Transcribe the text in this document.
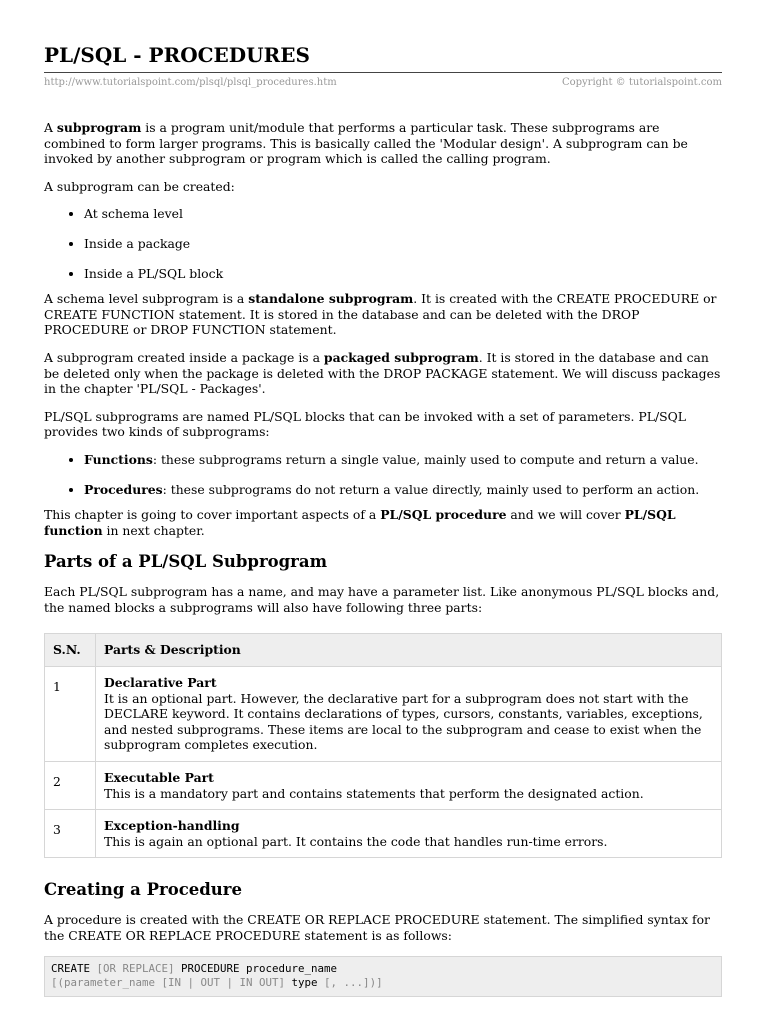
PL/SQL - PROCEDURES
http://www.tutorialspoint.com/plsql/plsql_procedures.htm	Copyright © tutorialspoint.com

A subprogram is a program unit/module that performs a particular task. These subprograms are combined to form larger programs. This is basically called the 'Modular design'. A subprogram can be invoked by another subprogram or program which is called the calling program.

A subprogram can be created:

• At schema level
• Inside a package
• Inside a PL/SQL block

A schema level subprogram is a standalone subprogram. It is created with the CREATE PROCEDURE or CREATE FUNCTION statement. It is stored in the database and can be deleted with the DROP PROCEDURE or DROP FUNCTION statement.

A subprogram created inside a package is a packaged subprogram. It is stored in the database and can be deleted only when the package is deleted with the DROP PACKAGE statement. We will discuss packages in the chapter 'PL/SQL - Packages'.

PL/SQL subprograms are named PL/SQL blocks that can be invoked with a set of parameters. PL/SQL provides two kinds of subprograms:

• Functions: these subprograms return a single value, mainly used to compute and return a value.
• Procedures: these subprograms do not return a value directly, mainly used to perform an action.

This chapter is going to cover important aspects of a PL/SQL procedure and we will cover PL/SQL function in next chapter.

Parts of a PL/SQL Subprogram

Each PL/SQL subprogram has a name, and may have a parameter list. Like anonymous PL/SQL blocks and, the named blocks a subprograms will also have following three parts:

S.N.	Parts & Description
1	Declarative Part
It is an optional part. However, the declarative part for a subprogram does not start with the DECLARE keyword. It contains declarations of types, cursors, constants, variables, exceptions, and nested subprograms. These items are local to the subprogram and cease to exist when the subprogram completes execution.
2	Executable Part
This is a mandatory part and contains statements that perform the designated action.
3	Exception-handling
This is again an optional part. It contains the code that handles run-time errors.
Creating a Procedure

A procedure is created with the CREATE OR REPLACE PROCEDURE statement. The simplified syntax for the CREATE OR REPLACE PROCEDURE statement is as follows:

CREATE [OR REPLACE] PROCEDURE procedure_name
[(parameter_name [IN | OUT | IN OUT] type [, ...])]
